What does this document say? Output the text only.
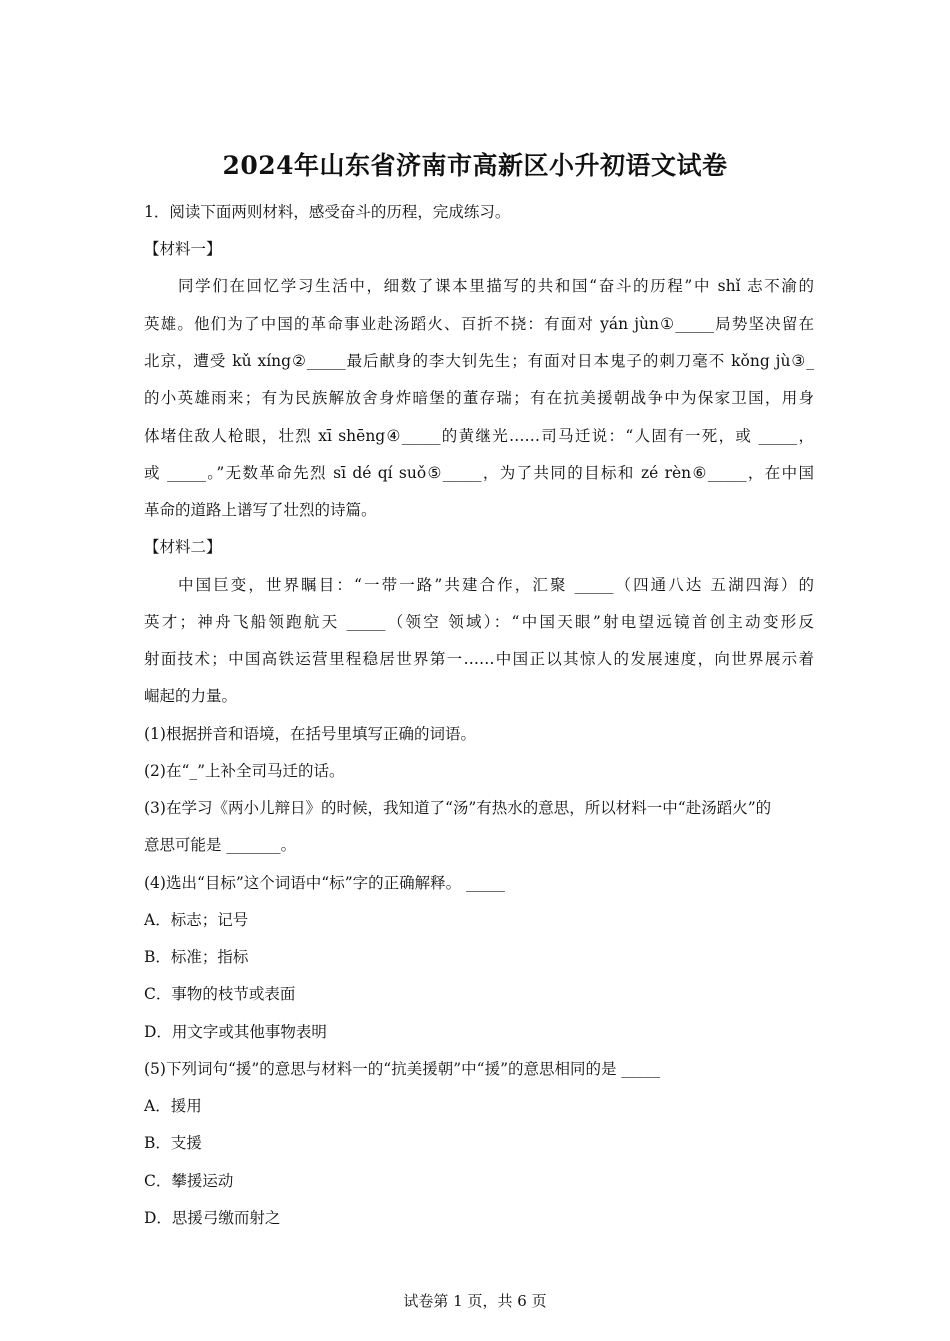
2024年山东省济南市高新区小升初语文试卷
1．阅读下面两则材料，感受奋斗的历程，完成练习。
【材料一】
同学们在回忆学习生活中，细数了课本里描写的共和国“奋斗的历程”中 shǐ 志不渝的
英雄。他们为了中国的革命事业赴汤蹈火、百折不挠：有面对 yán jùn①_____局势坚决留在
北京，遭受 kǔ xíng②_____最后献身的李大钊先生；有面对日本鬼子的刺刀毫不 kǒng jù③_
的小英雄雨来；有为民族解放舍身炸暗堡的董存瑞；有在抗美援朝战争中为保家卫国，用身
体堵住敌人枪眼，壮烈 xī shēng④_____的黄继光……司马迁说：“人固有一死，或 _____，
或 _____。”无数革命先烈 sī dé qí suǒ⑤_____，为了共同的目标和 zé rèn⑥_____，在中国
革命的道路上谱写了壮烈的诗篇。
【材料二】
中国巨变，世界瞩目：“一带一路”共建合作，汇聚 _____（四通八达 五湖四海）的
英才；神舟飞船领跑航天 _____（领空 领域）：“中国天眼”射电望远镜首创主动变形反
射面技术；中国高铁运营里程稳居世界第一……中国正以其惊人的发展速度，向世界展示着
崛起的力量。
(1)根据拼音和语境，在括号里填写正确的词语。
(2)在“_”上补全司马迁的话。
(3)在学习《两小儿辩日》的时候，我知道了“汤”有热水的意思，所以材料一中“赴汤蹈火”的
意思可能是 _______。
(4)选出“目标”这个词语中“标”字的正确解释。 _____
A．标志；记号
B．标准；指标
C．事物的枝节或表面
D．用文字或其他事物表明
(5)下列词句“援”的意思与材料一的“抗美援朝”中“援”的意思相同的是 _____
A．援用
B．支援
C．攀援运动
D．思援弓缴而射之
试卷第 1 页，共 6 页
